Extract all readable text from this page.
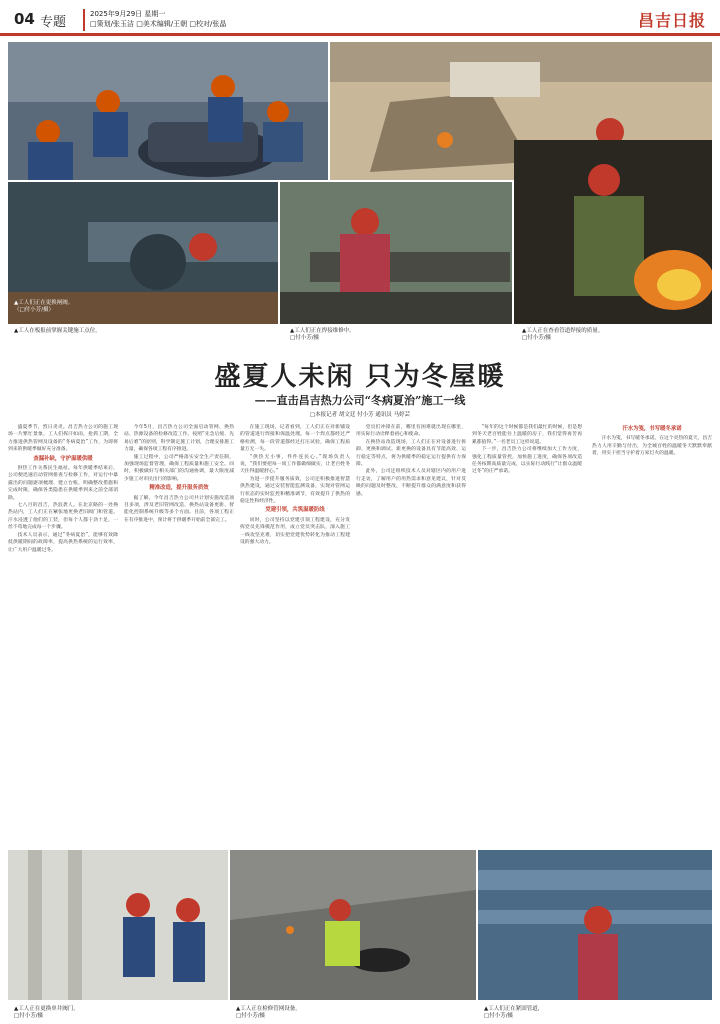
04 专题
2025年9月29日 星期一
□策划/张玉洁 □美术编辑/王朝 □校对/张晶	昌吉日报
▲工人们正在更换闸阀。
（□付小芳/摄）
▲工人们正在焊接维修中。
□付小芳/摄
▲工人正在查看管道焊接的质量。
□付小芳/摄
▲工人在板报前掌握关键施工点位。
盛夏人未闲 只为冬屋暖
——直击昌吉热力公司“冬病夏治”施工一线
□本报记者 胡文廷 付小芳 通讯员 马婷芸

盛夏季节，烈日炎炎。昌吉热力公司的施工现场一片繁忙景象，工人们挥汗如雨，抢抓工期，全力推进供热管网及设备的“冬病夏治”工作，为即将到来的供暖季做好充分准备。

查漏补缺，守护温暖供暖

供热工作关系民生福祉。每年供暖季结束后，公司便迅速启动管网排查与检修工作，对运行中暴露出的问题逐项梳理、建立台账，明确整改措施和完成时限，确保各类隐患在供暖季到来之前全部消除。

七八月的昌吉，热浪袭人。在北京路的一处换热站内，工人们正在紧张地更换老旧阀门和管道。汗水浸透了他们的工装，但每个人都干劲十足，一丝不苟地完成每一个步骤。

技术人员表示，通过“冬病夏治”，能够有效降低供暖期间的故障率，提高供热系统的运行效率，让广大用户温暖过冬。

今年5月，昌吉热力公司全面启动管网、换热站、热源设备的检修改造工作。按照“先急后缓、先易后难”的原则，科学制定施工计划，合理安排施工力量，确保各项工程有序推进。

施工过程中，公司严格落实安全生产责任制，加强现场监督管理，确保工程质量和施工安全。同时，积极做好与相关部门的沟通协调，最大限度减少施工对市民出行的影响。

精准改造，提升服务质效

据了解，今年昌吉热力公司共计划实施改造项目多项，涉及老旧管网改造、换热站设备更新、智能化控制系统升级等多个方面。目前，各项工程正在有序推进中，预计将于供暖季开始前全部完工。

在施工现场，记者看到，工人们正在对新铺设的管道进行焊接和保温处理。每一个焊点都经过严格检测，每一段管道都经过打压试验，确保工程质量万无一失。

“供热无小事，件件连民心。”现场负责人说，“我们要把每一项工作都做细做实，让老百姓冬天住得温暖舒心。”

为进一步提升服务质效，公司还积极推进智慧供热建设，通过安装智能监测设备，实现对管网运行状态的实时监控和精准调节，有效提升了供热的稳定性和经济性。

党建引领，共筑温暖防线

同时，公司坚持以党建引领工程建设，充分发挥党员先锋模范作用，成立党员突击队，深入施工一线攻坚克难，切实把党建优势转化为推动工程建设的强大动力。

党员们冲锋在前，哪里有困难就出现在哪里，用实际行动诠释着初心和使命。

在换热站改造现场，工人们正在对设备进行拆卸、更换和调试。新更换的设备具有节能高效、运行稳定等特点，将为供暖季的稳定运行提供有力保障。

此外，公司还组织技术人员对辖区内的用户进行走访，了解用户的用热需求和意见建议，针对反映的问题及时整改，不断提升群众的满意度和获得感。

“每年的这个时候都是我们最忙的时候，但是想到冬天老百姓能住上温暖的房子，我们觉得再苦再累都值得。”一名老员工这样说道。

下一步，昌吉热力公司将继续加大工作力度，强化工程质量管控，加快施工进度，确保各项改造任务按期高质量完成，以实际行动践行“让群众温暖过冬”的庄严承诺。

汗水为笺，书写暖冬承诺

汗水为笺，书写暖冬承诺。在这个炎热的夏天，昌吉热力人用辛勤与付出，为全城百姓的温暖冬天默默奉献着，用实干担当守护着万家灯火的温暖。

▲工人正在更换单井阀门。
□付小芳/摄
▲工人正在检修管网设备。
□付小芳/摄
▲工人们正在紧固管道，
□付小芳/摄
